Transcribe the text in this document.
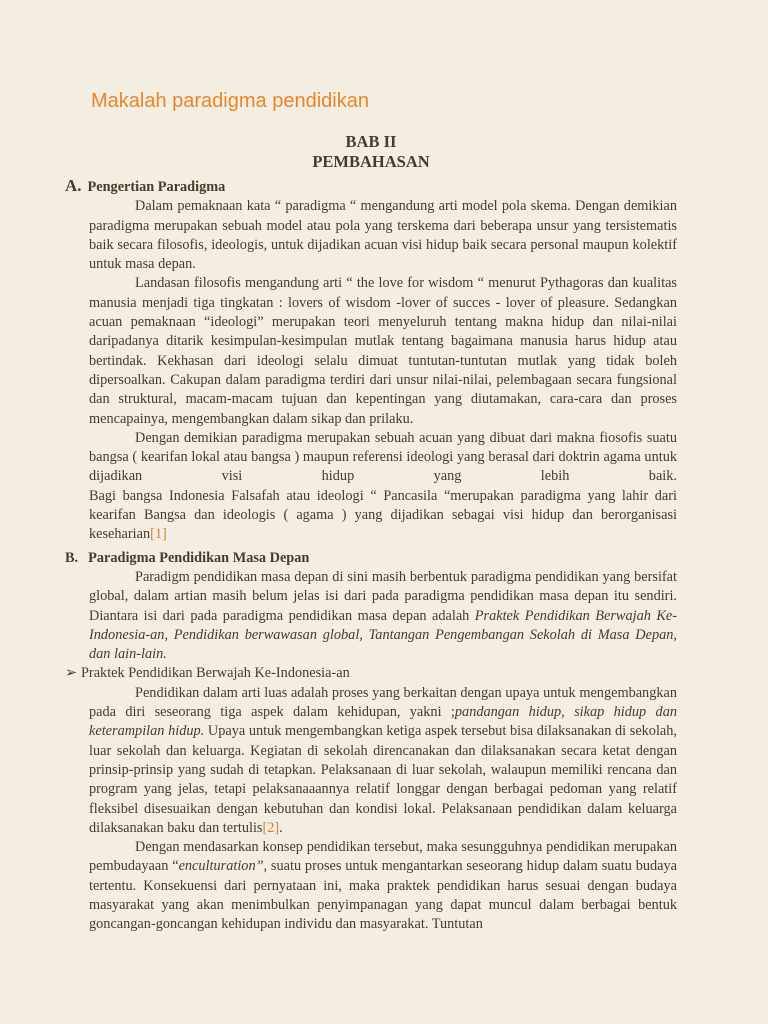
Makalah paradigma pendidikan
BAB II
PEMBAHASAN
A. Pengertian Paradigma
Dalam pemaknaan kata “ paradigma “ mengandung arti model pola skema. Dengan demikian paradigma merupakan sebuah model atau pola yang terskema dari beberapa unsur yang tersistematis baik secara filosofis, ideologis, untuk dijadikan acuan visi hidup baik secara personal maupun kolektif untuk masa depan.
Landasan filosofis mengandung arti “ the love for wisdom “ menurut Pythagoras dan kualitas manusia menjadi tiga tingkatan : lovers of wisdom -lover of succes - lover of pleasure. Sedangkan acuan pemaknaan “ideologi” merupakan teori menyeluruh tentang makna hidup dan nilai-nilai daripadanya ditarik kesimpulan-kesimpulan mutlak tentang bagaimana manusia harus hidup atau bertindak. Kekhasan dari ideologi selalu dimuat tuntutan-tuntutan mutlak yang tidak boleh dipersoalkan. Cakupan dalam paradigma terdiri dari unsur nilai-nilai, pelembagaan secara fungsional dan struktural, macam-macam tujuan dan kepentingan yang diutamakan, cara-cara dan proses mencapainya, mengembangkan dalam sikap dan prilaku.
Dengan demikian paradigma merupakan sebuah acuan yang dibuat dari makna fiosofis suatu bangsa ( kearifan lokal atau bangsa ) maupun referensi ideologi yang berasal dari doktrin agama untuk dijadikan visi hidup yang lebih baik.
Bagi bangsa Indonesia Falsafah atau ideologi “ Pancasila “merupakan paradigma yang lahir dari kearifan Bangsa dan ideologis ( agama ) yang dijadikan sebagai visi hidup dan berorganisasi keseharian[1]
B. Paradigma Pendidikan Masa Depan
Paradigm pendidikan masa depan di sini masih berbentuk paradigma pendidikan yang bersifat global, dalam artian masih belum jelas isi dari pada paradigma pendidikan masa depan itu sendiri. Diantara isi dari pada paradigma pendidikan masa depan adalah Praktek Pendidikan Berwajah Ke-Indonesia-an, Pendidikan berwawasan global, Tantangan Pengembangan Sekolah di Masa Depan, dan lain-lain.
➢ Praktek Pendidikan Berwajah Ke-Indonesia-an
Pendidikan dalam arti luas adalah proses yang berkaitan dengan upaya untuk mengembangkan pada diri seseorang tiga aspek dalam kehidupan, yakni ;pandangan hidup, sikap hidup dan keterampilan hidup. Upaya untuk mengembangkan ketiga aspek tersebut bisa dilaksanakan di sekolah, luar sekolah dan keluarga. Kegiatan di sekolah direncanakan dan dilaksanakan secara ketat dengan prinsip-prinsip yang sudah di tetapkan. Pelaksanaan di luar sekolah, walaupun memiliki rencana dan program yang jelas, tetapi pelaksanaaannya relatif longgar dengan berbagai pedoman yang relatif fleksibel disesuaikan dengan kebutuhan dan kondisi lokal. Pelaksanaan pendidikan dalam keluarga dilaksanakan baku dan tertulis[2].
Dengan mendasarkan konsep pendidikan tersebut, maka sesungguhnya pendidikan merupakan pembudayaan “enculturation”, suatu proses untuk mengantarkan seseorang hidup dalam suatu budaya tertentu. Konsekuensi dari pernyataan ini, maka praktek pendidikan harus sesuai dengan budaya masyarakat yang akan menimbulkan penyimpanagan yang dapat muncul dalam berbagai bentuk goncangan-goncangan kehidupan individu dan masyarakat. Tuntutan
